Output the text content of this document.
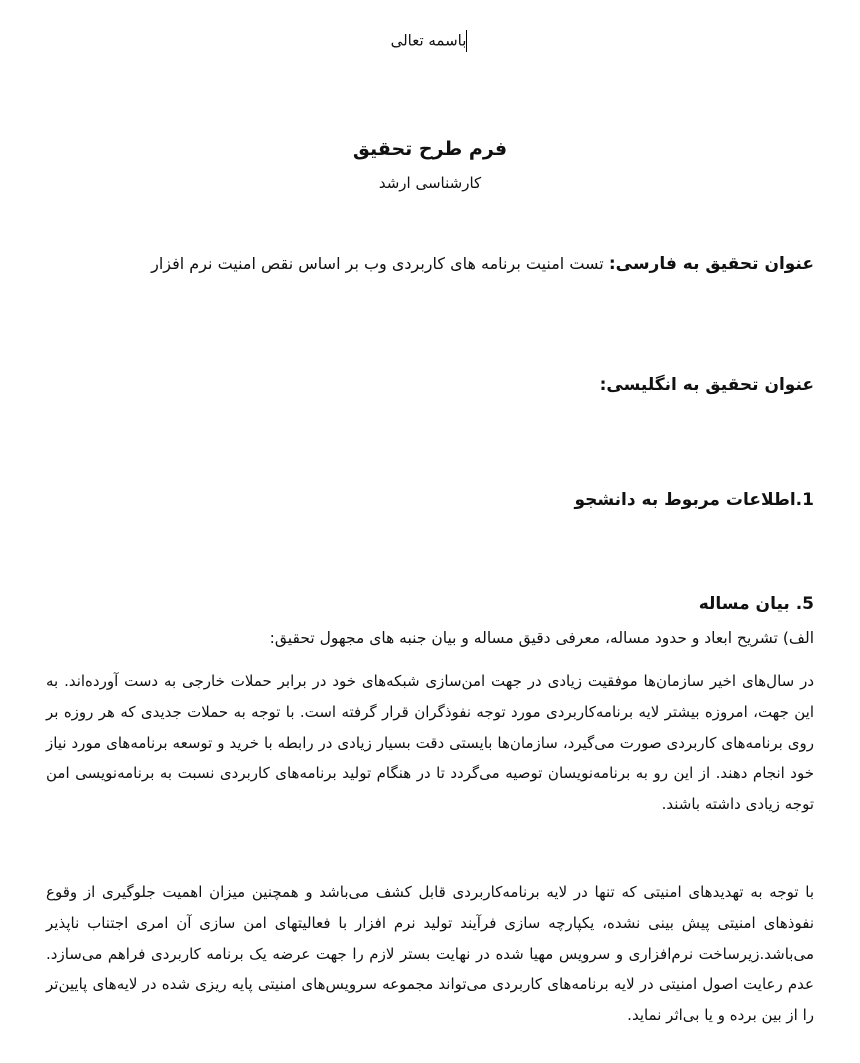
باسمه تعالی
فرم طرح تحقیق
کارشناسی ارشد
عنوان تحقیق به فارسی: تست امنیت برنامه های کاربردی وب بر اساس نقص امنیت نرم افزار
عنوان تحقیق به انگلیسی:
1.اطلاعات مربوط به دانشجو
5. بیان مساله
الف) تشریح ابعاد و حدود مساله، معرفی دقیق مساله و بیان جنبه های مجهول تحقیق:

در سال‌های اخیر سازمان‌ها موفقیت زیادی در جهت امن‌سازی شبکه‌های خود در برابر حملات خارجی به دست آورده‌اند. به این جهت، امروزه بیشتر لایه برنامه‌کاربردی مورد توجه نفوذگران قرار گرفته است. با توجه به حملات جدیدی که هر روزه بر روی برنامه‌های کاربردی صورت می‌گیرد، سازمان‌ها بایستی دقت بسیار زیادی در رابطه با خرید و توسعه برنامه‌های مورد نیاز خود انجام دهند. از این رو به برنامه‌نویسان توصیه می‌گردد تا در هنگام تولید برنامه‌های کاربردی نسبت به برنامه‌نویسی امن توجه زیادی داشته باشند.

با توجه به تهدیدهای امنیتی که تنها در لایه برنامه‌کاربردی قابل کشف می‌باشد و همچنین میزان اهمیت جلوگیری از وقوع نفوذهای امنیتی پیش بینی نشده، یکپارچه سازی فرآیند تولید نرم افزار با فعالیتهای امن سازی آن امری اجتناب ناپذیر می‌باشد.زیرساخت نرم‌افزاری و سرویس مهیا شده در نهایت بستر لازم را جهت عرضه یک برنامه کاربردی فراهم می‌سازد. عدم رعایت اصول امنیتی در لایه برنامه‌های کاربردی می‌تواند مجموعه سرویس‌های امنیتی پایه ریزی شده در لایه‌های پایین‌تر را از بین برده و یا بی‌اثر نماید.
